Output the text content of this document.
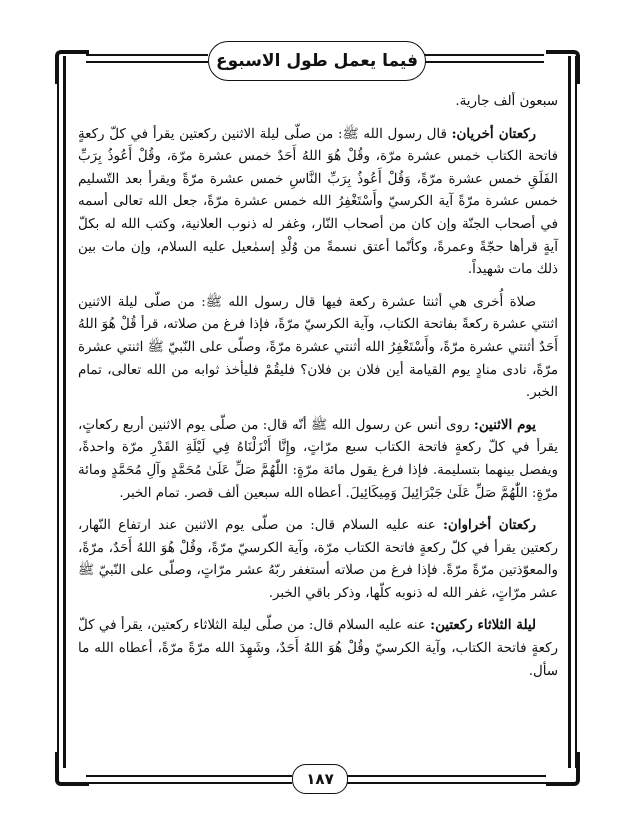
فيما يعمل طول الاسبوع

سبعون ألف جارية.

ركعتان أخريان: قال رسول الله ﷺ: من صلّى ليلة الاثنين ركعتين يقرأ في كلّ ركعةٍ فاتحة الكتاب خمس عشرة مرّة، وقُلْ هُوَ اللهُ أَحَدٌ خمس عشرة مرّة، وقُلْ أَعُوذُ بِرَبِّ الفَلَقِ خمس عشرة مرّةً، وَقُلْ أَعُوذُ بِرَبِّ النَّاسِ خمس عشرة مرّةً ويقرأ بعد التّسليم خمس عشرة مرّةً آية الكرسيّ وأَسْتَغْفِرُ الله خمس عشرة مرّةً، جعل الله تعالى أسمه في أصحاب الجنّة وإن كان من أصحاب النّار، وغفر له ذنوب العلانية، وكتب الله له بكلّ آيةٍ قرأها حجّةً وعمرةً، وكأنّما أعتق نسمةً من وُلْدِ إسمٰعيل عليه السلام، وإن مات بين ذلك مات شهيداً.

صلاة أُخرى هي أثنتا عشرة ركعة فيها قال رسول الله ﷺ: من صلّى ليلة الاثنين اثنتي عشرة ركعةً بفاتحة الكتاب، وآية الكرسيّ مرّةً، فإذا فرغ من صلاته، قرأ قُلْ هُوَ اللهُ أَحَدٌ أثنتي عشرة مرّةً، وأَسْتَغْفِرُ الله أثنتي عشرة مرّةً، وصلّى على النّبيّ ﷺ اثنتي عشرة مرّةً، نادى منادٍ يوم القيامة أين فلان بن فلان؟ فليقُمْ فليأخذ ثوابه من الله تعالى، تمام الخبر.

يوم الاثنين: روى أنس عن رسول الله ﷺ أنّه قال: من صلّى يوم الاثنين أربع ركعاتٍ، يقرأ في كلّ ركعةٍ فاتحة الكتاب سبع مرّاتٍ، وإِنَّا أَنْزَلْنَاهُ فِي لَيْلَةِ القَدْرِ مرّة واحدةً، ويفصل بينهما بتسليمة. فإذا فرغ يقول مائة مرّةٍ: اللّٰهُمَّ صَلِّ عَلَىٰ مُحَمَّدٍ وآلِ مُحَمَّدٍ ومائة مرّةٍ: اللّٰهُمَّ صَلِّ عَلَىٰ جَبْرَائِيلَ وَمِيكَائِيلَ. أعطاه الله سبعين ألف قصر. تمام الخبر.

ركعتان أخراوان: عنه عليه السلام قال: من صلّى يوم الاثنين عند ارتفاع النّهار، ركعتين يقرأ في كلّ ركعةٍ فاتحة الكتاب مرّة، وآية الكرسيّ مرّةً، وقُلْ هُوَ اللهُ أَحَدٌ، مرّةً، والمعوّذتين مرّةً مرّةً. فإذا فرغ من صلاته أستغفر ربّهُ عشر مرّاتٍ، وصلّى على النّبيّ ﷺ عشر مرّاتٍ، غفر الله له ذنوبه كلّها، وذكر باقي الخبر.

ليلة الثلاثاء ركعتين: عنه عليه السلام قال: من صلّى ليلة الثلاثاء ركعتين، يقرأ في كلّ ركعةٍ فاتحة الكتاب، وآية الكرسيّ وقُلْ هُوَ اللهُ أَحَدٌ، وشَهِدَ الله مرّةً مرّةً، أعطاه الله ما سأل.

١٨٧
